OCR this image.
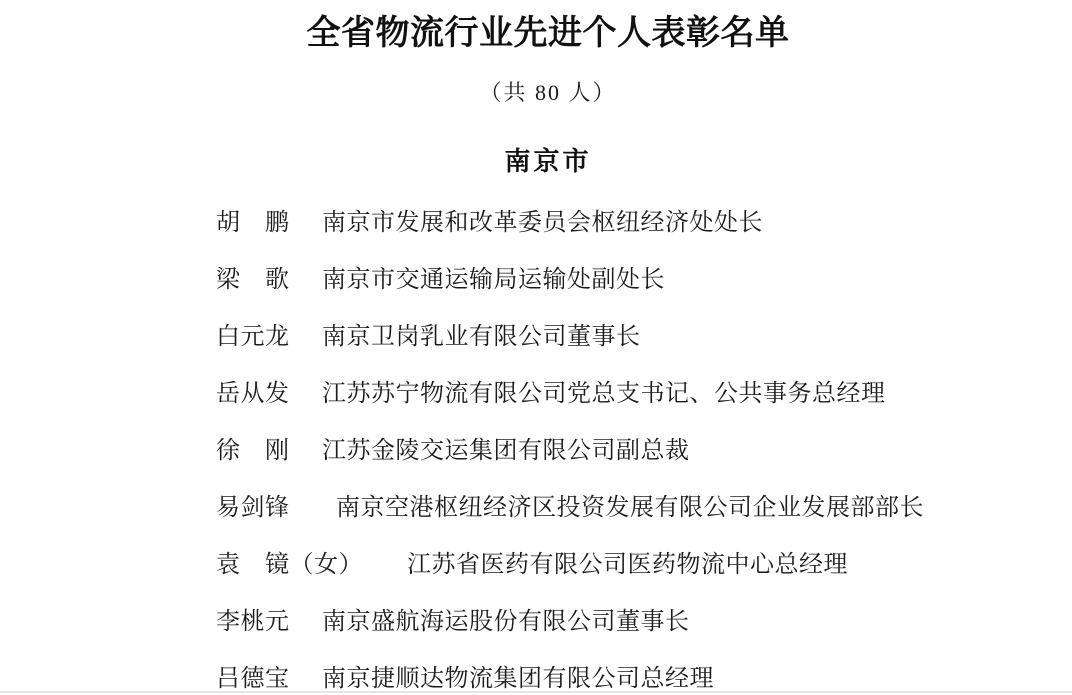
全省物流行业先进个人表彰名单
（共 80 人）
南京市
胡　鹏 南京市发展和改革委员会枢纽经济处处长
梁　歌 南京市交通运输局运输处副处长
白元龙 南京卫岗乳业有限公司董事长
岳从发 江苏苏宁物流有限公司党总支书记、公共事务总经理
徐　刚 江苏金陵交运集团有限公司副总裁
易剑锋 南京空港枢纽经济区投资发展有限公司企业发展部部长
袁　镜（女） 江苏省医药有限公司医药物流中心总经理
李桃元 南京盛航海运股份有限公司董事长
吕德宝 南京捷顺达物流集团有限公司总经理
